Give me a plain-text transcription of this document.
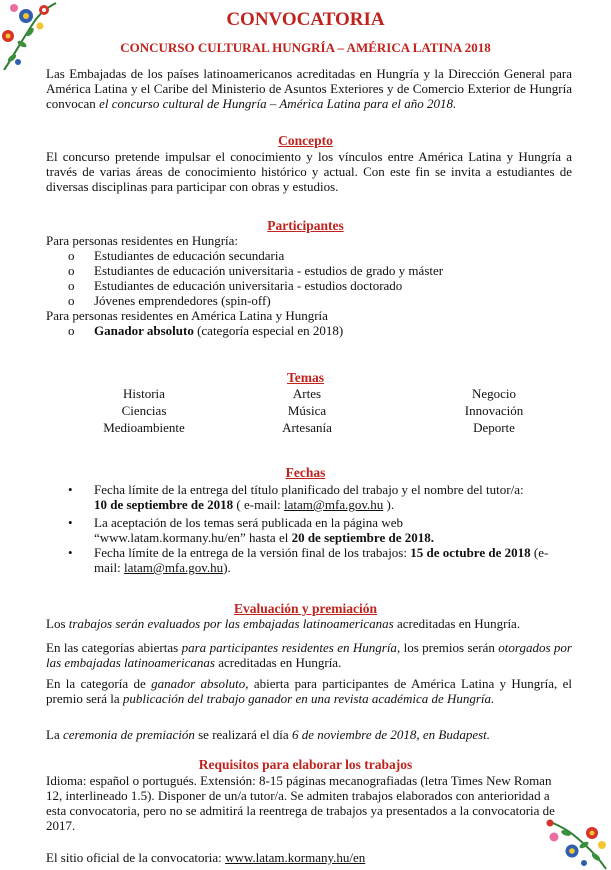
CONVOCATORIA
CONCURSO CULTURAL HUNGRÍA – AMÉRICA LATINA 2018
Las Embajadas de los países latinoamericanos acreditadas en Hungría y la Dirección General para América Latina y el Caribe del Ministerio de Asuntos Exteriores y de Comercio Exterior de Hungría convocan el concurso cultural de Hungría – América Latina para el año 2018.
Concepto
El concurso pretende impulsar el conocimiento y los vínculos entre América Latina y Hungría a través de varias áreas de conocimiento histórico y actual. Con este fin se invita a estudiantes de diversas disciplinas para participar con obras y estudios.
Participantes
Para personas residentes en Hungría:
o Estudiantes de educación secundaria
o Estudiantes de educación universitaria - estudios de grado y máster
o Estudiantes de educación universitaria - estudios doctorado
o Jóvenes emprendedores (spin-off)
Para personas residentes en América Latina y Hungría
o Ganador absoluto (categoría especial en 2018)
Temas
Historia
Ciencias
Medioambiente
Artes
Música
Artesanía
Negocio
Innovación
Deporte
Fechas
• Fecha límite de la entrega del título planificado del trabajo y el nombre del tutor/a: 10 de septiembre de 2018 ( e-mail: latam@mfa.gov.hu ).
• La aceptación de los temas será publicada en la página web “www.latam.kormany.hu/en” hasta el 20 de septiembre de 2018.
• Fecha límite de la entrega de la versión final de los trabajos: 15 de octubre de 2018 (e-mail: latam@mfa.gov.hu).
Evaluación y premiación
Los trabajos serán evaluados por las embajadas latinoamericanas acreditadas en Hungría.
En las categorías abiertas para participantes residentes en Hungría, los premios serán otorgados por las embajadas latinoamericanas acreditadas en Hungría.
En la categoría de ganador absoluto, abierta para participantes de América Latina y Hungría, el premio será la publicación del trabajo ganador en una revista académica de Hungría.
La ceremonia de premiación se realizará el día 6 de noviembre de 2018, en Budapest.
Requisitos para elaborar los trabajos
Idioma: español o portugués. Extensión: 8-15 páginas mecanografiadas (letra Times New Roman 12, interlineado 1.5). Disponer de un/a tutor/a. Se admiten trabajos elaborados con anterioridad a esta convocatoria, pero no se admitirá la reentrega de trabajos ya presentados a la convocatoria de 2017.
El sitio oficial de la convocatoria: www.latam.kormany.hu/en
